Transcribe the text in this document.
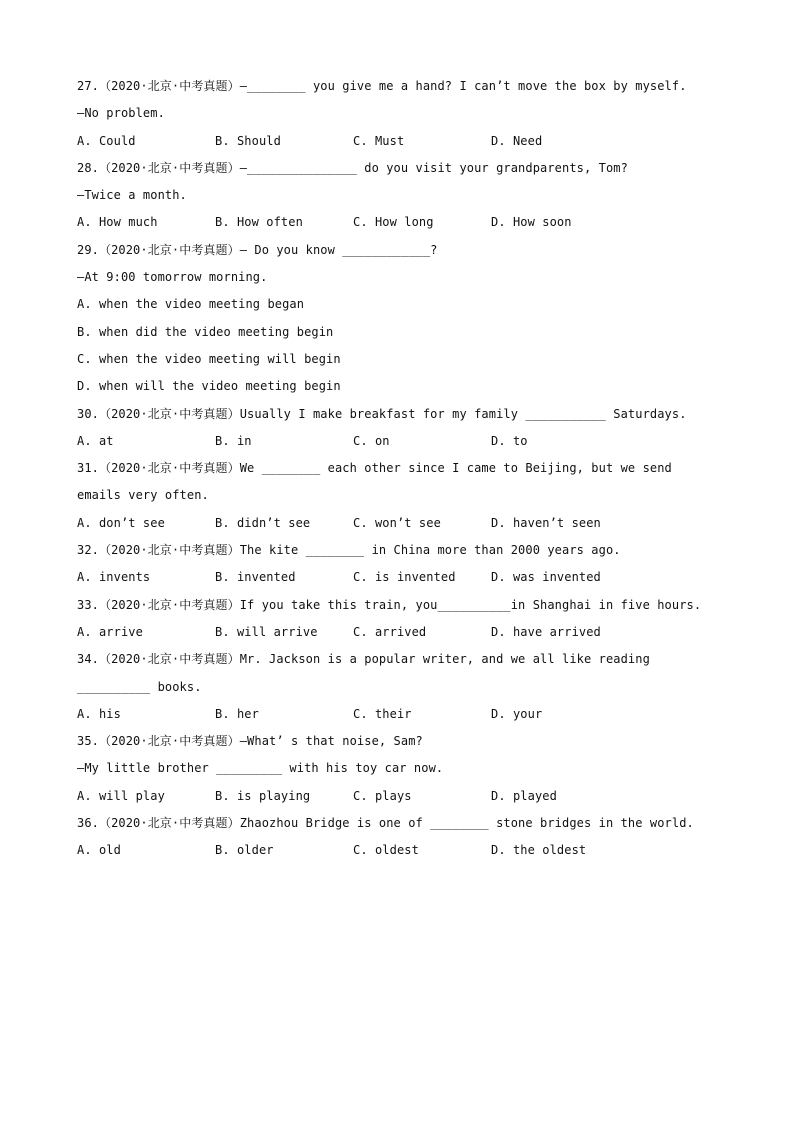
27.（2020·北京·中考真题）—________ you give me a hand? I can’t move the box by myself.
—No problem.
A. Could	B. Should	C. Must	D. Need
28.（2020·北京·中考真题）—_______________ do you visit your grandparents, Tom?
—Twice a month.
A. How much	B. How often	C. How long	D. How soon
29.（2020·北京·中考真题）— Do you know ____________?
—At 9:00 tomorrow morning.
A. when the video meeting began
B. when did the video meeting begin
C. when the video meeting will begin
D. when will the video meeting begin
30.（2020·北京·中考真题）Usually I make breakfast for my family ___________ Saturdays.
A. at	B. in	C. on	D. to
31.（2020·北京·中考真题）We ________ each other since I came to Beijing, but we send
emails very often.
A. don’t see	B. didn’t see	C. won’t see	D. haven’t seen
32.（2020·北京·中考真题）The kite ________ in China more than 2000 years ago.
A. invents	B. invented	C. is invented	D. was invented
33.（2020·北京·中考真题）If you take this train, you__________in Shanghai in five hours.
A. arrive	B. will arrive	C. arrived	D. have arrived
34.（2020·北京·中考真题）Mr. Jackson is a popular writer, and we all like reading
__________ books.
A. his	B. her	C. their	D. your
35.（2020·北京·中考真题）—What’ s that noise, Sam?
—My little brother _________ with his toy car now.
A. will play	B. is playing	C. plays	D. played
36.（2020·北京·中考真题）Zhaozhou Bridge is one of ________ stone bridges in the world.
A. old	B. older	C. oldest	D. the oldest
